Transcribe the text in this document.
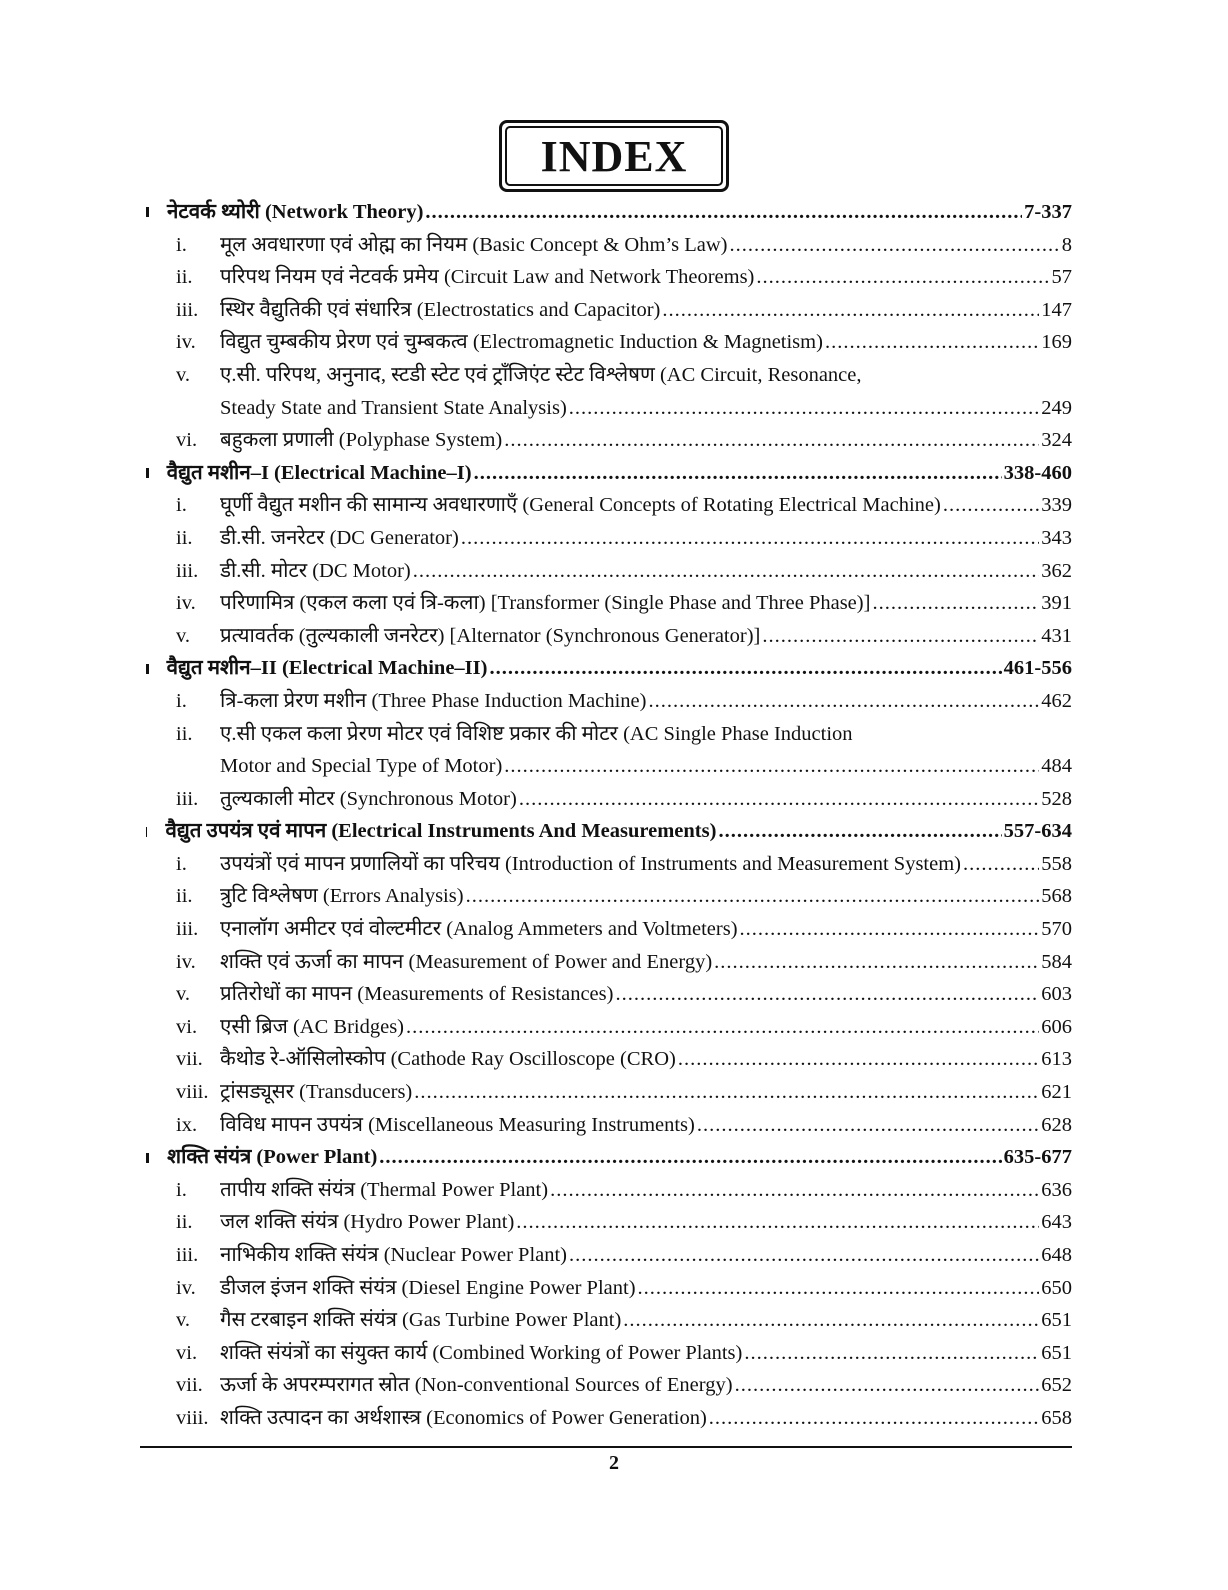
INDEX
नेटवर्क थ्योरी (Network Theory) .....	7-337
i.	मूल अवधारणा एवं ओह्म का नियम (Basic Concept & Ohm’s Law) .....	8
ii.	परिपथ नियम एवं नेटवर्क प्रमेय (Circuit Law and Network Theorems) .....	57
iii.	स्थिर वैद्युतिकी एवं संधारित्र (Electrostatics and Capacitor) .....	147
iv.	विद्युत चुम्बकीय प्रेरण एवं चुम्बकत्व (Electromagnetic Induction & Magnetism) .....	169
v.	ए.सी. परिपथ, अनुनाद, स्टडी स्टेट एवं ट्रॉंजिएंट स्टेट विश्लेषण (AC Circuit, Resonance,
Steady State and Transient State Analysis) .....	249
vi.	बहुकला प्रणाली (Polyphase System) .....	324
वैद्युत मशीन–I (Electrical Machine–I) .....	338-460
i.	घूर्णी वैद्युत मशीन की सामान्य अवधारणाएँ (General Concepts of Rotating Electrical Machine) .....	339
ii.	डी.सी. जनरेटर (DC Generator) .....	343
iii.	डी.सी. मोटर (DC Motor) .....	362
iv.	परिणामित्र (एकल कला एवं त्रि-कला) [Transformer (Single Phase and Three Phase)] .....	391
v.	प्रत्यावर्तक (तुल्यकाली जनरेटर) [Alternator (Synchronous Generator)] .....	431
वैद्युत मशीन–II (Electrical Machine–II) .....	461-556
i.	त्रि-कला प्रेरण मशीन (Three Phase Induction Machine) .....	462
ii.	ए.सी एकल कला प्रेरण मोटर एवं विशिष्ट प्रकार की मोटर (AC Single Phase Induction
Motor and Special Type of Motor) .....	484
iii.	तुल्यकाली मोटर (Synchronous Motor) .....	528
वैद्युत उपयंत्र एवं मापन (Electrical Instruments And Measurements) .....	557-634
i.	उपयंत्रों एवं मापन प्रणालियों का परिचय (Introduction of Instruments and Measurement System) .....	558
ii.	त्रुटि विश्लेषण (Errors Analysis) .....	568
iii.	एनालॉग अमीटर एवं वोल्टमीटर (Analog Ammeters and Voltmeters) .....	570
iv.	शक्ति एवं ऊर्जा का मापन (Measurement of Power and Energy) .....	584
v.	प्रतिरोधों का मापन (Measurements of Resistances) .....	603
vi.	एसी ब्रिज (AC Bridges) .....	606
vii. कैथोड रे-ऑसिलोस्कोप (Cathode Ray Oscilloscope (CRO) .....	613
viii. ट्रांसड्यूसर (Transducers) .....	621
ix.	विविध मापन उपयंत्र (Miscellaneous Measuring Instruments) .....	628
शक्ति संयंत्र (Power Plant) .....	635-677
i.	तापीय शक्ति संयंत्र (Thermal Power Plant) .....	636
ii.	जल शक्ति संयंत्र (Hydro Power Plant) .....	643
iii.	नाभिकीय शक्ति संयंत्र (Nuclear Power Plant) .....	648
iv.	डीजल इंजन शक्ति संयंत्र (Diesel Engine Power Plant) .....	650
v.	गैस टरबाइन शक्ति संयंत्र (Gas Turbine Power Plant) .....	651
vi.	शक्ति संयंत्रों का संयुक्त कार्य (Combined Working of Power Plants) .....	651
vii. ऊर्जा के अपरम्परागत स्रोत (Non-conventional Sources of Energy) .....	652
viii. शक्ति उत्पादन का अर्थशास्त्र (Economics of Power Generation) .....	658
2
